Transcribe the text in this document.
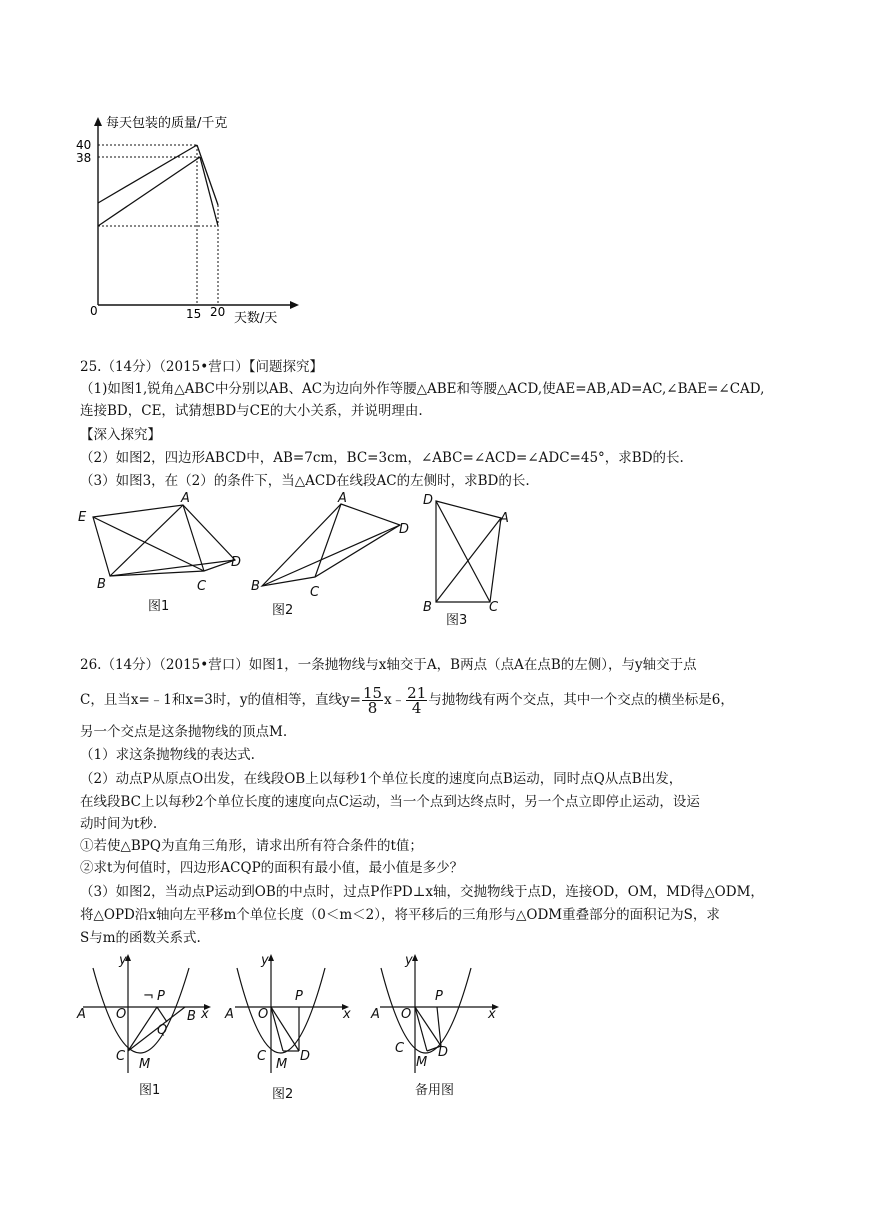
每天包装的质量/千克
天数/天
40
38
0	15 20
25.（14分）（2015•营口）【问题探究】
（1)如图1,锐角△ABC中分别以AB、AC为边向外作等腰△ABE和等腰△ACD,使AE=AB,AD=AC,∠BAE=∠CAD,
连接BD，CE，试猜想BD与CE的大小关系，并说明理由.
【深入探究】
（2）如图2，四边形ABCD中，AB=7cm，BC=3cm，∠ABC=∠ACD=∠ADC=45°，求BD的长.
（3）如图3，在（2）的条件下，当△ACD在线段AC的左侧时，求BD的长.
E
A
D
C
B
A
D
C
B
D
A
B	C
图1	图2
图3
26.（14分）（2015•营口）如图1，一条抛物线与x轴交于A，B两点（点A在点B的左侧），与y轴交于点
C，且当x=﹣1和x=3时，y的值相等，直线$y= \frac{15}{8}$ x﹣ $\frac{21}{4}$ 与抛物线有两个交点，其中一个交点的横坐标是6，
另一个交点是这条抛物线的顶点M.
（1）求这条抛物线的表达式.
（2）动点P从原点O出发，在线段OB上以每秒1个单位长度的速度向点B运动，同时点Q从点B出发，
在线段BC上以每秒2个单位长度的速度向点C运动，当一个点到达终点时，另一个点立即停止运动，设运
动时间为t秒.
①若使△BPQ为直角三角形，请求出所有符合条件的t值；
②求t为何值时，四边形ACQP的面积有最小值，最小值是多少？
（3）如图2，当动点P运动到OB的中点时，过点P作PD⊥x轴，交抛物线于点D，连接OD，OM，MD得△ODM，
将△OPD沿x轴向左平移m个单位长度（0＜m＜2），将平移后的三角形与△ODM重叠部分的面积记为S，求
S与m的函数关系式.
y
x
A O
P
¬
B
Q
C
M
y
x
A O
P
C
M
D
y
x
A O
P
C
M
D
图1	图2	备用图
